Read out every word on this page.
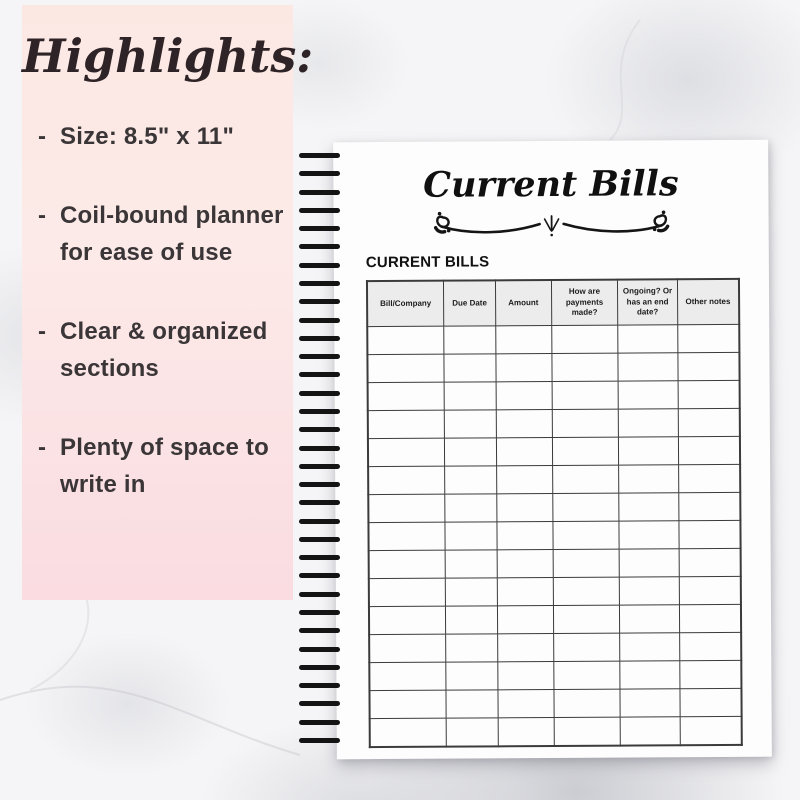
Highlights:
- Size: 8.5" x 11"
- Coil-bound planner
for ease of use
- Clear & organized
sections
- Plenty of space to
write in
Current Bills
CURRENT BILLS
Bill/Company	Due Date	Amount	How are payments made?	Ongoing? Or has an end date?	Other notes
